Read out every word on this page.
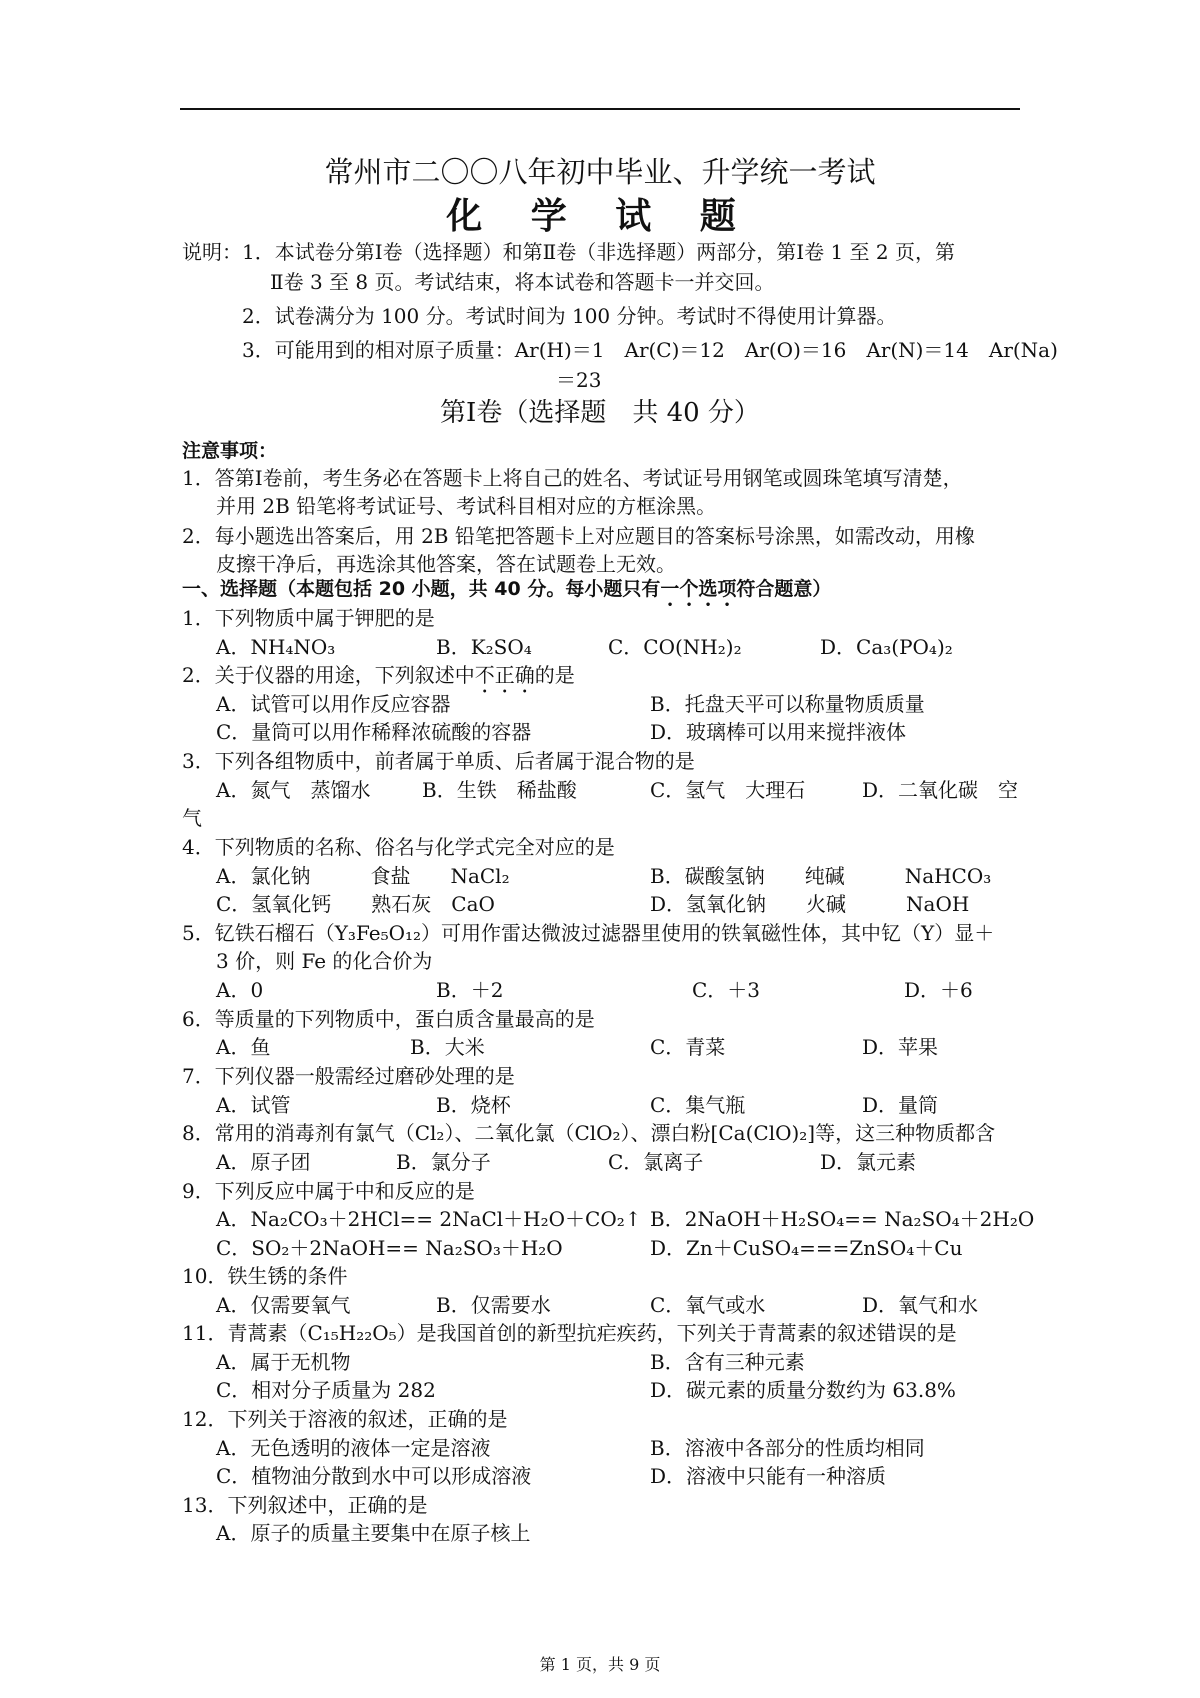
常州市二〇〇八年初中毕业、升学统一考试
化 学 试 题
说明： 1．本试卷分第Ⅰ卷（选择题）和第Ⅱ卷（非选择题）两部分，第Ⅰ卷 1 至 2 页，第
Ⅱ卷 3 至 8 页。考试结束，将本试卷和答题卡一并交回。
2．试卷满分为 100 分。考试时间为 100 分钟。考试时不得使用计算器。
3．可能用到的相对原子质量：Ar(H)＝1　Ar(C)＝12　Ar(O)＝16　Ar(N)＝14　Ar(Na)
＝23
第Ⅰ卷（选择题　共 40 分）
注意事项：
1．答第Ⅰ卷前，考生务必在答题卡上将自己的姓名、考试证号用钢笔或圆珠笔填写清楚，
并用 2B 铅笔将考试证号、考试科目相对应的方框涂黑。
2．每小题选出答案后，用 2B 铅笔把答题卡上对应题目的答案标号涂黑，如需改动，用橡
皮擦干净后，再选涂其他答案，答在试题卷上无效。
一、选择题（本题包括 20 小题，共 40 分。每小题只有一个选项符合题意）
1．下列物质中属于钾肥的是
A．NH₄NO₃	B．K₂SO₄	C．CO(NH₂)₂	D．Ca₃(PO₄)₂
2．关于仪器的用途，下列叙述中不正确的是
A．试管可以用作反应容器	B．托盘天平可以称量物质质量
C．量筒可以用作稀释浓硫酸的容器	D．玻璃棒可以用来搅拌液体
3．下列各组物质中，前者属于单质、后者属于混合物的是
A．氮气　蒸馏水	B．生铁　稀盐酸	C．氢气　大理石	D．二氧化碳　空
气
4．下列物质的名称、俗名与化学式完全对应的是
A．氯化钠　　　食盐　　NaCl₂	B．碳酸氢钠　　纯碱　　　NaHCO₃
C．氢氧化钙　　熟石灰　CaO	D．氢氧化钠　　火碱　　　NaOH
5．钇铁石榴石（Y₃Fe₅O₁₂）可用作雷达微波过滤器里使用的铁氧磁性体，其中钇（Y）显＋
3 价，则 Fe 的化合价为
A．0	B．＋2	C．＋3	D．＋6
6．等质量的下列物质中，蛋白质含量最高的是
A．鱼	B．大米	C．青菜	D．苹果
7．下列仪器一般需经过磨砂处理的是
A．试管	B．烧杯	C．集气瓶	D．量筒
8．常用的消毒剂有氯气（Cl₂）、二氧化氯（ClO₂）、漂白粉[Ca(ClO)₂]等，这三种物质都含
A．原子团	B．氯分子	C．氯离子	D．氯元素
9．下列反应中属于中和反应的是
A．Na₂CO₃＋2HCl== 2NaCl＋H₂O＋CO₂↑ B．2NaOH＋H₂SO₄== Na₂SO₄＋2H₂O
C．SO₂＋2NaOH== Na₂SO₃＋H₂O	D．Zn＋CuSO₄===ZnSO₄＋Cu
10．铁生锈的条件
A．仅需要氧气	B．仅需要水	C．氧气或水	D．氧气和水
11．青蒿素（C₁₅H₂₂O₅）是我国首创的新型抗疟疾药，下列关于青蒿素的叙述错误的是
A．属于无机物	B．含有三种元素
C．相对分子质量为 282	D．碳元素的质量分数约为 63.8%
12．下列关于溶液的叙述，正确的是
A．无色透明的液体一定是溶液	B．溶液中各部分的性质均相同
C．植物油分散到水中可以形成溶液	D．溶液中只能有一种溶质
13．下列叙述中，正确的是
A．原子的质量主要集中在原子核上
第 1 页，共 9 页
